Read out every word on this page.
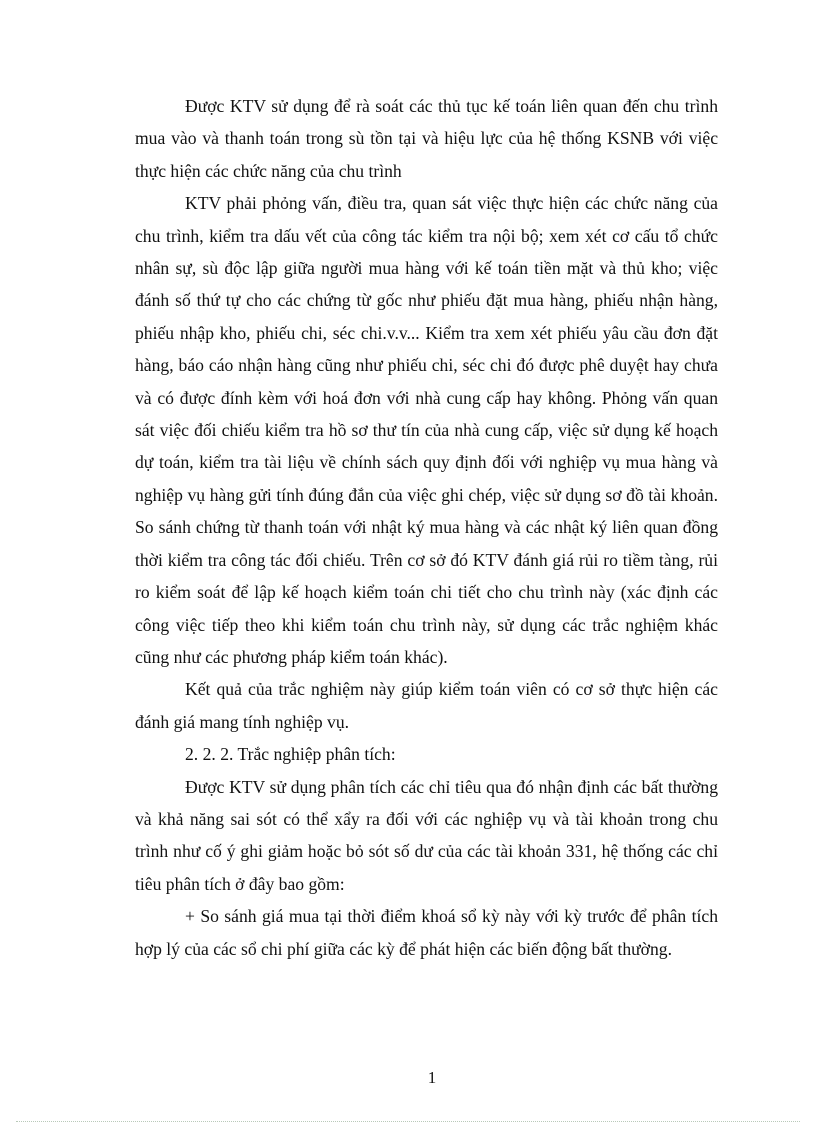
Được KTV sử dụng để rà soát các thủ tục kế toán liên quan đến chu trình mua vào và thanh toán trong sù tồn tại và hiệu lực của hệ thống KSNB với việc thực hiện các chức năng của chu trình

KTV phải phỏng vấn, điều tra, quan sát việc thực hiện các chức năng của chu trình, kiểm tra dấu vết của công tác kiểm tra nội bộ; xem xét cơ cấu tổ chức nhân sự, sù độc lập giữa người mua hàng với kế toán tiền mặt và thủ kho; việc đánh số thứ tự cho các chứng từ gốc như phiếu đặt mua hàng, phiếu nhận hàng, phiếu nhập kho, phiếu chi, séc chi.v.v... Kiểm tra xem xét phiếu yâu cầu đơn đặt hàng, báo cáo nhận hàng cũng như phiếu chi, séc chi đó được phê duyệt hay chưa và có được đính kèm với hoá đơn với nhà cung cấp hay không. Phỏng vấn quan sát việc đối chiếu kiểm tra hồ sơ thư tín của nhà cung cấp, việc sử dụng kế hoạch dự toán, kiểm tra tài liệu về chính sách quy định đối với nghiệp vụ mua hàng và nghiệp vụ hàng gửi tính đúng đắn của việc ghi chép, việc sử dụng sơ đồ tài khoản. So sánh chứng từ thanh toán với nhật ký mua hàng và các nhật ký liên quan đồng thời kiểm tra công tác đối chiếu. Trên cơ sở đó KTV đánh giá rủi ro tiềm tàng, rủi ro kiểm soát để lập kế hoạch kiểm toán chi tiết cho chu trình này (xác định các công việc tiếp theo khi kiểm toán chu trình này, sử dụng các trắc nghiệm khác cũng như các phương pháp kiểm toán khác).

Kết quả của trắc nghiệm này giúp kiểm toán viên có cơ sở thực hiện các đánh giá mang tính nghiệp vụ.

2. 2. 2. Trắc nghiệp phân tích:

Được KTV sử dụng phân tích các chỉ tiêu qua đó nhận định các bất thường và khả năng sai sót có thể xẩy ra đối với các nghiệp vụ và tài khoản trong chu trình như cố ý ghi giảm hoặc bỏ sót số dư của các tài khoản 331, hệ thống các chỉ tiêu phân tích ở đây bao gồm:

+ So sánh giá mua tại thời điểm khoá sổ kỳ này với kỳ trước để phân tích hợp lý của các sổ chi phí giữa các kỳ để phát hiện các biến động bất thường.

1
